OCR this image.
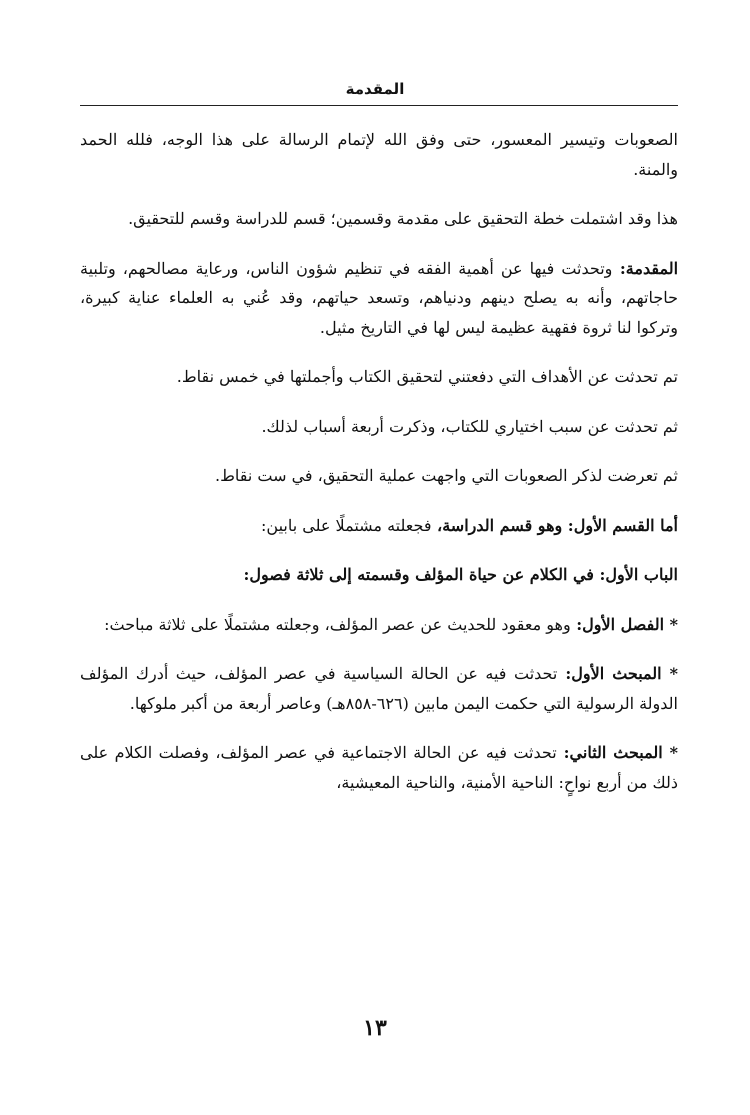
المقدمة

الصعوبات وتيسير المعسور، حتى وفق الله لإتمام الرسالة على هذا الوجه، فلله الحمد والمنة.

هذا وقد اشتملت خطة التحقيق على مقدمة وقسمين؛ قسم للدراسة وقسم للتحقيق.

المقدمة: وتحدثت فيها عن أهمية الفقه في تنظيم شؤون الناس، ورعاية مصالحهم، وتلبية حاجاتهم، وأنه به يصلح دينهم ودنياهم، وتسعد حياتهم، وقد عُني به العلماء عناية كبيرة، وتركوا لنا ثروة فقهية عظيمة ليس لها في التاريخ مثيل.

تم تحدثت عن الأهداف التي دفعتني لتحقيق الكتاب وأجملتها في خمس نقاط.

ثم تحدثت عن سبب اختياري للكتاب، وذكرت أربعة أسباب لذلك.

ثم تعرضت لذكر الصعوبات التي واجهت عملية التحقيق، في ست نقاط.

أما القسم الأول: وهو قسم الدراسة، فجعلته مشتملًا على بابين:

الباب الأول: في الكلام عن حياة المؤلف وقسمته إلى ثلاثة فصول:

* الفصل الأول: وهو معقود للحديث عن عصر المؤلف، وجعلته مشتملًا على ثلاثة مباحث:

* المبحث الأول: تحدثت فيه عن الحالة السياسية في عصر المؤلف، حيث أدرك المؤلف الدولة الرسولية التي حكمت اليمن مابين (٦٢٦-٨٥٨هـ) وعاصر أربعة من أكبر ملوكها.

* المبحث الثاني: تحدثت فيه عن الحالة الاجتماعية في عصر المؤلف، وفصلت الكلام على ذلك من أربع نواحٍ: الناحية الأمنية، والناحية المعيشية،

١٣
